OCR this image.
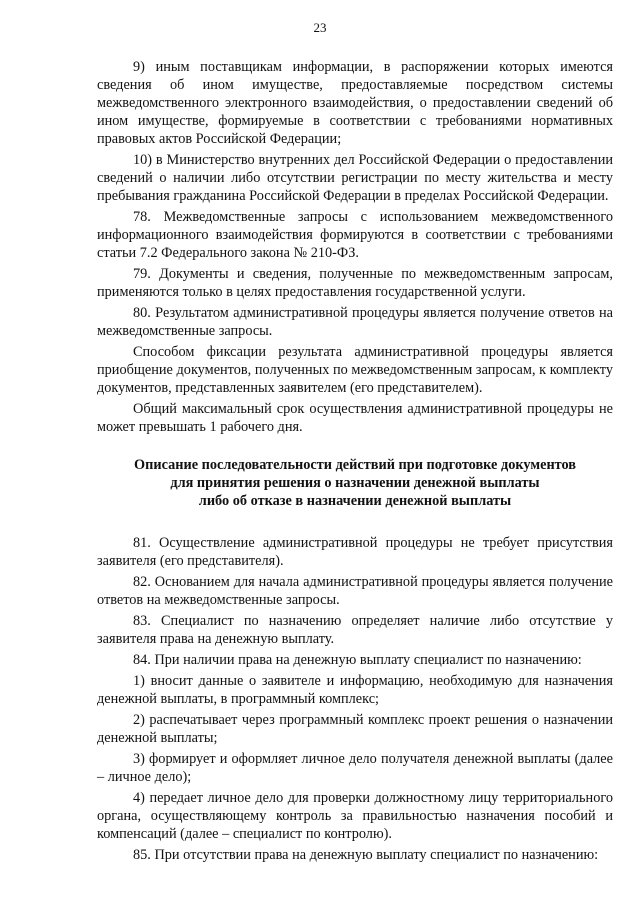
23

9) иным поставщикам информации, в распоряжении которых имеются сведения об ином имуществе, предоставляемые посредством системы межведомственного электронного взаимодействия, о предоставлении сведений об ином имуществе, формируемые в соответствии с требованиями нормативных правовых актов Российской Федерации;

10) в Министерство внутренних дел Российской Федерации о предоставлении сведений о наличии либо отсутствии регистрации по месту жительства и месту пребывания гражданина Российской Федерации в пределах Российской Федерации.

78. Межведомственные запросы с использованием межведомственного информационного взаимодействия формируются в соответствии с требованиями статьи 7.2 Федерального закона № 210-ФЗ.

79. Документы и сведения, полученные по межведомственным запросам, применяются только в целях предоставления государственной услуги.

80. Результатом административной процедуры является получение ответов на межведомственные запросы.

Способом фиксации результата административной процедуры является приобщение документов, полученных по межведомственным запросам, к комплекту документов, представленных заявителем (его представителем).

Общий максимальный срок осуществления административной процедуры не может превышать 1 рабочего дня.

Описание последовательности действий при подготовке документов
для принятия решения о назначении денежной выплаты
либо об отказе в назначении денежной выплаты

81. Осуществление административной процедуры не требует присутствия заявителя (его представителя).

82. Основанием для начала административной процедуры является получение ответов на межведомственные запросы.

83. Специалист по назначению определяет наличие либо отсутствие у заявителя права на денежную выплату.

84. При наличии права на денежную выплату специалист по назначению:

1) вносит данные о заявителе и информацию, необходимую для назначения денежной выплаты, в программный комплекс;

2) распечатывает через программный комплекс проект решения о назначении денежной выплаты;

3) формирует и оформляет личное дело получателя денежной выплаты (далее – личное дело);

4) передает личное дело для проверки должностному лицу территориального органа, осуществляющему контроль за правильностью назначения пособий и компенсаций (далее – специалист по контролю).

85. При отсутствии права на денежную выплату специалист по назначению:
